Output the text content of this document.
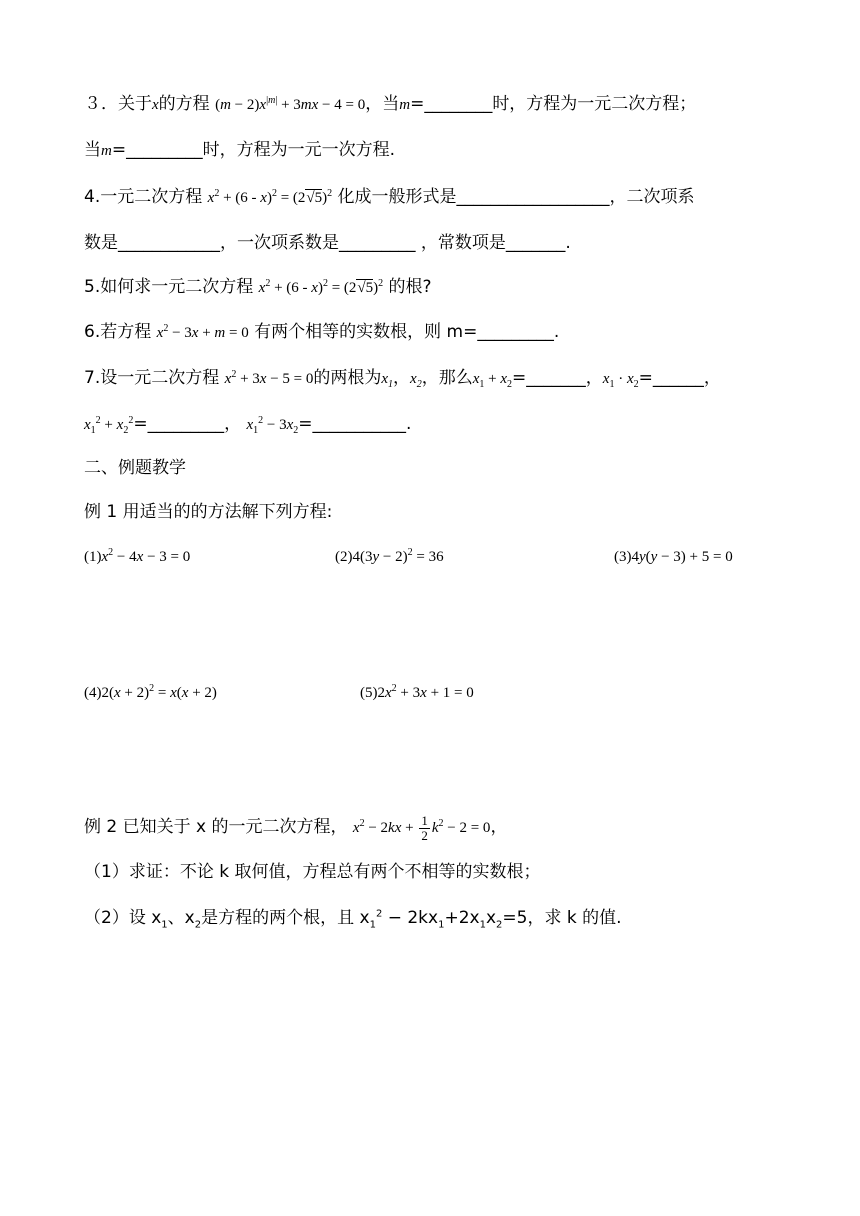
３．关于x的方程 $(m - 2)x^{|m|} + 3mx - 4 = 0$，当m=________时，方程为一元二次方程；
当m=_________时，方程为一元一次方程.
4.一元二次方程 $x^2 + (6 - x)^2 = (2√5)^2$ 化成一般形式是__________________，二次项系
数是____________，一次项系数是_________ ，常数项是_______.
5.如何求一元二次方程 $x^2 + (6 - x)^2 = (2√5)^2$ 的根?
6.若方程 $x^2 - 3x + m = 0$ 有两个相等的实数根，则 m=_________.
7.设一元二次方程 $x^2 + 3x - 5 = 0$的两根为$x_1$，$x_2$，那么$x_1$ + $x_2=\_\_\_\_\_\_\_$，$x_1$ · $x_2=\_\_\_\_\_\_$，
$x_1^2$ + $x_2^2=\_\_\_\_\_\_\_\_\_$， $x_1^2$ − $3x_2=\_\_\_\_\_\_\_\_\_\_\_$.
二、例题教学
例 1 用适当的的方法解下列方程:
$(1)x^2 - 4x - 3 = 0$	$(2)4(3y - 2)^2 = 36$	(3)4y(y − 3) + 5 = 0
$(4)2(x + 2)^2 = x(x + 2)$	$(5)2x^2 + 3x + 1 = 0$
例 2 已知关于 x 的一元二次方程， $x^2 - 2kx + \frac{1}{2} k^2 - 2 = 0$，
（1）求证：不论 k 取何值，方程总有两个不相等的实数根；
（2）设 $x_1$、$x_2$是方程的两个根，且 $x_1^2 - 2kx_1+2x_1x_2=5$，求 k 的值.
